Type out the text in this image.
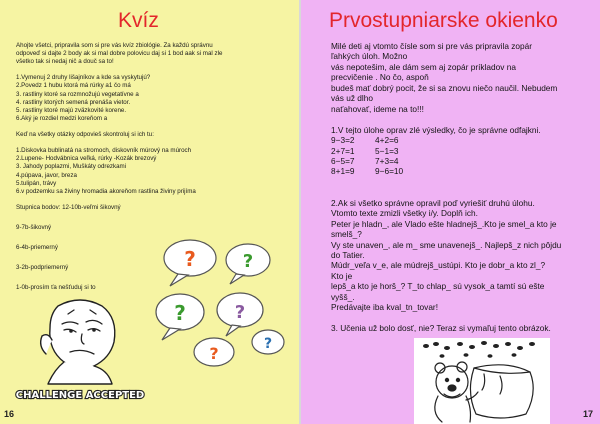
Kvíz

Ahojte všetci, pripravila som si pre vás kvíz zbiológie. Za každú správnu

odpoveď si dajte 2 body ak si mal dobre polovicu daj si 1 bod aak si mal zle

všetko tak si nedaj nič a douč sa to!

1.Vymenuj 2 druhy lišajníkov a kde sa vyskytujú?

2.Povedz 1 hubu ktorá má rúrky a1 čo má

3. rastliny ktoré sa rozmnožujú vegetatívne a

4. rastliny ktorých semená prenáša vietor.

5. rastliny ktoré majú zväzkovité korene.

6.Aký je rozdiel medzi koreňom a

Keď na všetky otázky odpovieš skontroluj si ich tu:

1.Diskovka bublinatá na stromoch, diskovník múrový na múroch

2.Lupene- Hodvábnica veľká, rúrky -Kozák brezový

3. Jahody poplazmi, Muškáty odrezkami

4.púpava, javor, breza

5.tulipán, trávy

6.v podzemku sa živiny hromadia akoreňom rastlina živiny prijíma

Stupnica bodov: 12-10b-veľmi šikovný

9-7b-šikovný

6-4b-priemerný

3-2b-podpriemerný

1-0b-prosím ťa nešťuduj si to

?	?
?	?
?	?
CHALLENGE ACCEPTED
16
Prvostupniarske okienko

Milé deti aj vtomto čísle som si pre vás pripravila zopár

ľahkých úloh. Možno

vás nepotešim, ale dám sem aj zopár príkladov na

precvičenie . No čo, aspoň

budeš mať dobrý pocit, že si sa znovu niečo naučil. Nebudem

vás už dlho

naťahovať, ideme na to!!!

1.V tejto úlohe oprav zlé výsledky, čo je správne odfajkni.

9−3=2	4+2=6
2+7=1	5−1=3
6−5=7	7+3=4
8+1=9	9−6=10

2.Ak si všetko správne opravil poď vyriešiť druhú úlohu.

Vtomto texte zmizli všetky i/y. Doplň ich.

Peter je hladn_, ale Vlado ešte hladnejš_.Kto je smel_a kto je

smelš_?

Vy ste unaven_, ale m_ sme unavenejš_. Najlepš_z nich pôjdu

do Tatier.

Múdr_veľa v_e, ale múdrejš_ustúpi. Kto je dobr_a kto zl_?

Kto je

lepš_a kto je horš_? T_to chlap_ sú vysok_a tamtí sú ešte

vyšš_.

Predávajte iba kval_tn_tovar!

3. Učenia už bolo dosť, nie? Teraz si vymaľuj tento obrázok.

17
